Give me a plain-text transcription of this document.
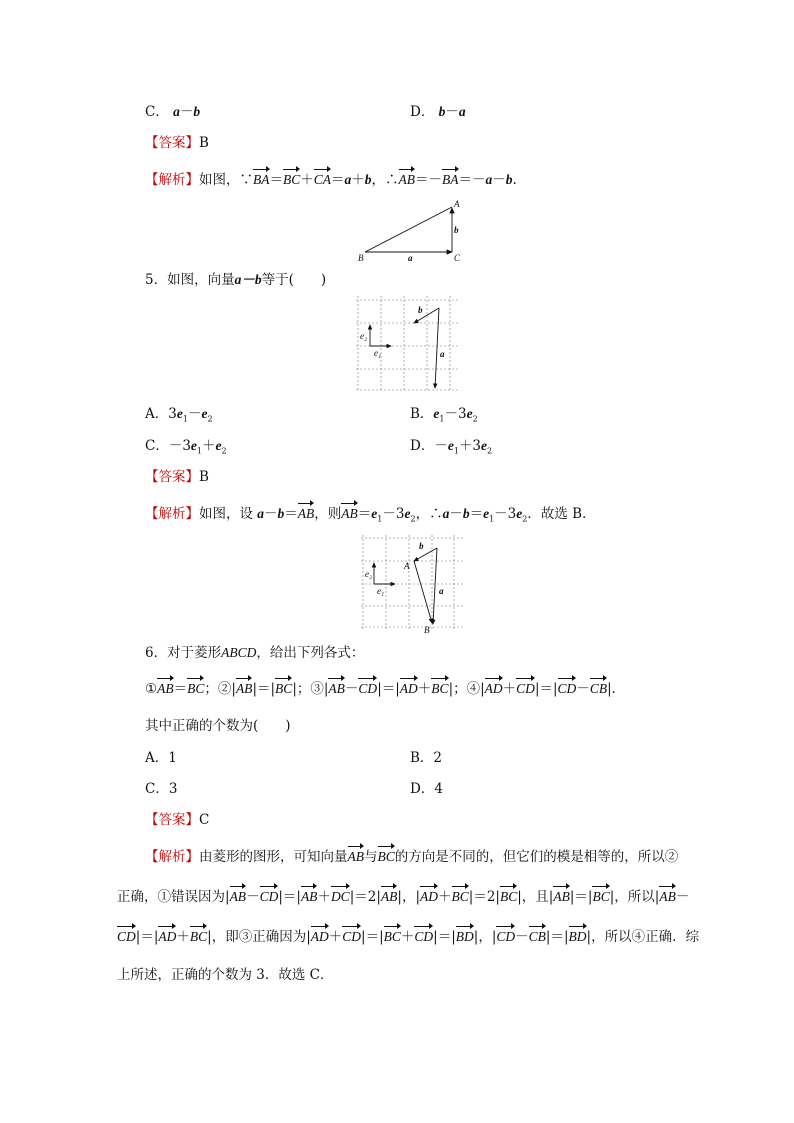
C． a－b	D． b－a
【答案】B
【解析】如图，∵BA＝BC＋CA＝a＋b，∴AB＝－BA＝－a－b.
A
B	C
a
b
5．如图，向量a－b等于(　　)
e₂
e₁
b
a
A．$3e_1-e_2$	B．$e_1-3e_2$
C．$-3e_1+e_2$	D．$-e_1+3e_2$
【答案】B
【解析】如图，设 a－b＝AB，则$AB=e_1-3e_2$，$\therefore a-b=e_1-3e_2$．故选 B．
e₂
e₁
b
a
A
B
6．对于菱形ABCD，给出下列各式：
①AB＝BC；②|AB|＝|BC|；③|AB－CD|＝|AD＋BC|；④|AD＋CD|＝|CD－CB|．
其中正确的个数为(　　)
A．1	B．2
C．3	D．4
【答案】C
【解析】由菱形的图形，可知向量AB与BC的方向是不同的，但它们的模是相等的，所以②
正确，①错误因为|AB－CD|＝|AB＋DC|＝2|AB|，|AD＋BC|＝2|BC|，且|AB|＝|BC|，所以|AB－
CD|＝|AD＋BC|，即③正确因为|AD＋CD|＝|BC＋CD|＝|BD|，|CD－CB|＝|BD|，所以④正确．综
上所述，正确的个数为 3．故选 C．
